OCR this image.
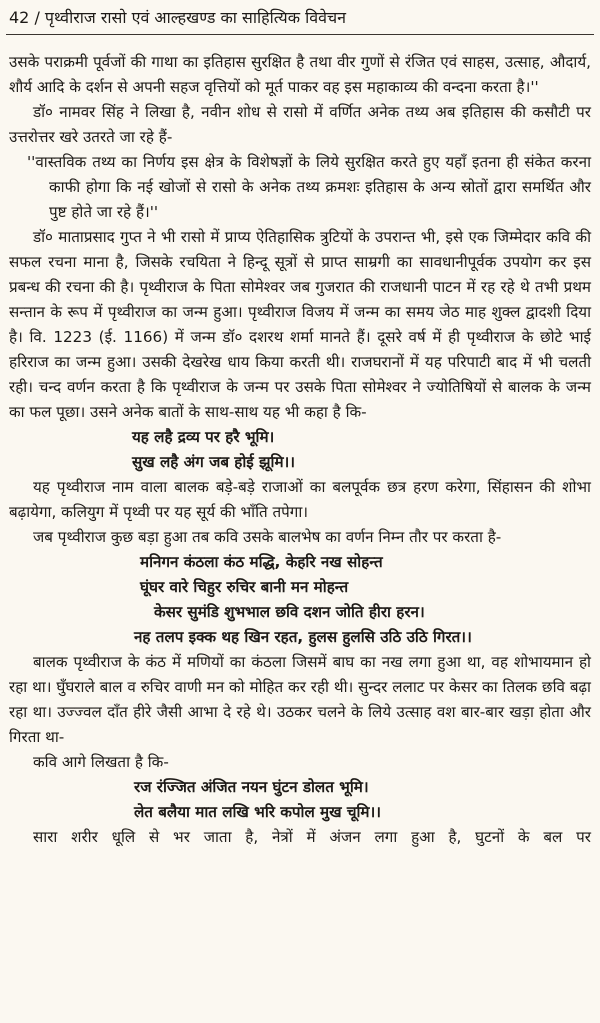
42 / पृथ्वीराज रासो एवं आल्हखण्ड का साहित्यिक विवेचन

उसके पराक्रमी पूर्वजों की गाथा का इतिहास सुरक्षित है तथा वीर गुणों से रंजित एवं साहस, उत्साह, औदार्य, शौर्य आदि के दर्शन से अपनी सहज वृत्तियों को मूर्त पाकर वह इस महाकाव्य की वन्दना करता है।''

डॉ० नामवर सिंह ने लिखा है, नवीन शोध से रासो में वर्णित अनेक तथ्य अब इतिहास की कसौटी पर उत्तरोत्तर खरे उतरते जा रहे हैं-

''वास्तविक तथ्य का निर्णय इस क्षेत्र के विशेषज्ञों के लिये सुरक्षित करते हुए यहाँ इतना ही संकेत करना काफी होगा कि नई खोजों से रासो के अनेक तथ्य क्रमशः इतिहास के अन्य स्रोतों द्वारा समर्थित और पुष्ट होते जा रहे हैं।''

डॉ० माताप्रसाद गुप्त ने भी रासो में प्राप्य ऐतिहासिक त्रुटियों के उपरान्त भी, इसे एक जिम्मेदार कवि की सफल रचना माना है, जिसके रचयिता ने हिन्दू सूत्रों से प्राप्त साम्रगी का सावधानीपूर्वक उपयोग कर इस प्रबन्ध की रचना की है। पृथ्वीराज के पिता सोमेश्वर जब गुजरात की राजधानी पाटन में रह रहे थे तभी प्रथम सन्तान के रूप में पृथ्वीराज का जन्म हुआ। पृथ्वीराज विजय में जन्म का समय जेठ माह शुक्ल द्वादशी दिया है। वि. 1223 (ई. 1166) में जन्म डॉ० दशरथ शर्मा मानते हैं। दूसरे वर्ष में ही पृथ्वीराज के छोटे भाई हरिराज का जन्म हुआ। उसकी देखरेख धाय किया करती थी। राजघरानों में यह परिपाटी बाद में भी चलती रही। चन्द वर्णन करता है कि पृथ्वीराज के जन्म पर उसके पिता सोमेश्वर ने ज्योतिषियों से बालक के जन्म का फल पूछा। उसने अनेक बातों के साथ-साथ यह भी कहा है कि-

यह लहै द्रव्य पर हरै भूमि।
सुख लहै अंग जब होई झूमि।।

यह पृथ्वीराज नाम वाला बालक बड़े-बड़े राजाओं का बलपूर्वक छत्र हरण करेगा, सिंहासन की शोभा बढ़ायेगा, कलियुग में पृथ्वी पर यह सूर्य की भाँति तपेगा।

जब पृथ्वीराज कुछ बड़ा हुआ तब कवि उसके बालभेष का वर्णन निम्न तौर पर करता है-

मनिगन कंठला कंठ मद्धि, केहरि नख सोहन्त
घूंघर वारे चिहुर रुचिर बानी मन मोहन्त
केसर सुमंडि शुभभाल छवि दशन जोति हीरा हरन।
नह तलप इक्क थह खिन रहत, हुलस हुलसि उठि उठि गिरत।।

बालक पृथ्वीराज के कंठ में मणियों का कंठला जिसमें बाघ का नख लगा हुआ था, वह शोभायमान हो रहा था। घुँघराले बाल व रुचिर वाणी मन को मोहित कर रही थी। सुन्दर ललाट पर केसर का तिलक छवि बढ़ा रहा था। उज्ज्वल दाँत हीरे जैसी आभा दे रहे थे। उठकर चलने के लिये उत्साह वश बार-बार खड़ा होता और गिरता था-

कवि आगे लिखता है कि-

रज रंज्जित अंजित नयन घुंटन डोलत भूमि।
लेत बलैया मात लखि भरि कपोल मुख चूमि।।

सारा शरीर धूलि से भर जाता है, नेत्रों में अंजन लगा हुआ है, घुटनों के बल पर
